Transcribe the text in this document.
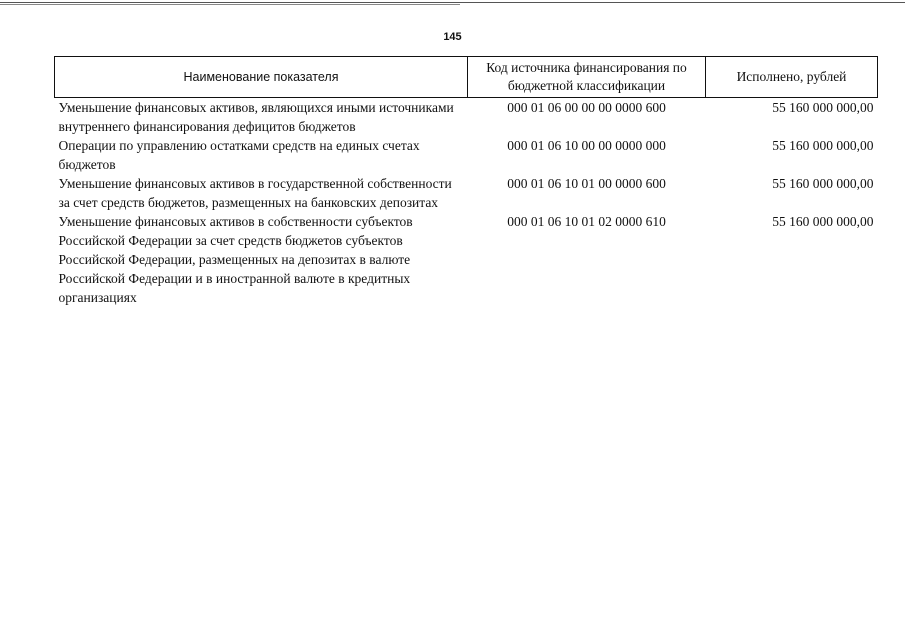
145
Наименование показателя	Код источника финансирования по бюджетной классификации	Исполнено, рублей
Уменьшение финансовых активов, являющихся иными источниками внутреннего финансирования дефицитов бюджетов	000 01 06 00 00 00 0000 600	55 160 000 000,00
Операции по управлению остатками средств на единых счетах бюджетов	000 01 06 10 00 00 0000 000	55 160 000 000,00
Уменьшение финансовых активов в государственной собственности за счет средств бюджетов, размещенных на банковских депозитах	000 01 06 10 01 00 0000 600	55 160 000 000,00
Уменьшение финансовых активов в собственности субъектов Российской Федерации за счет средств бюджетов субъектов Российской Федерации, размещенных на депозитах в валюте Российской Федерации и в иностранной валюте в кредитных организациях	000 01 06 10 01 02 0000 610	55 160 000 000,00
